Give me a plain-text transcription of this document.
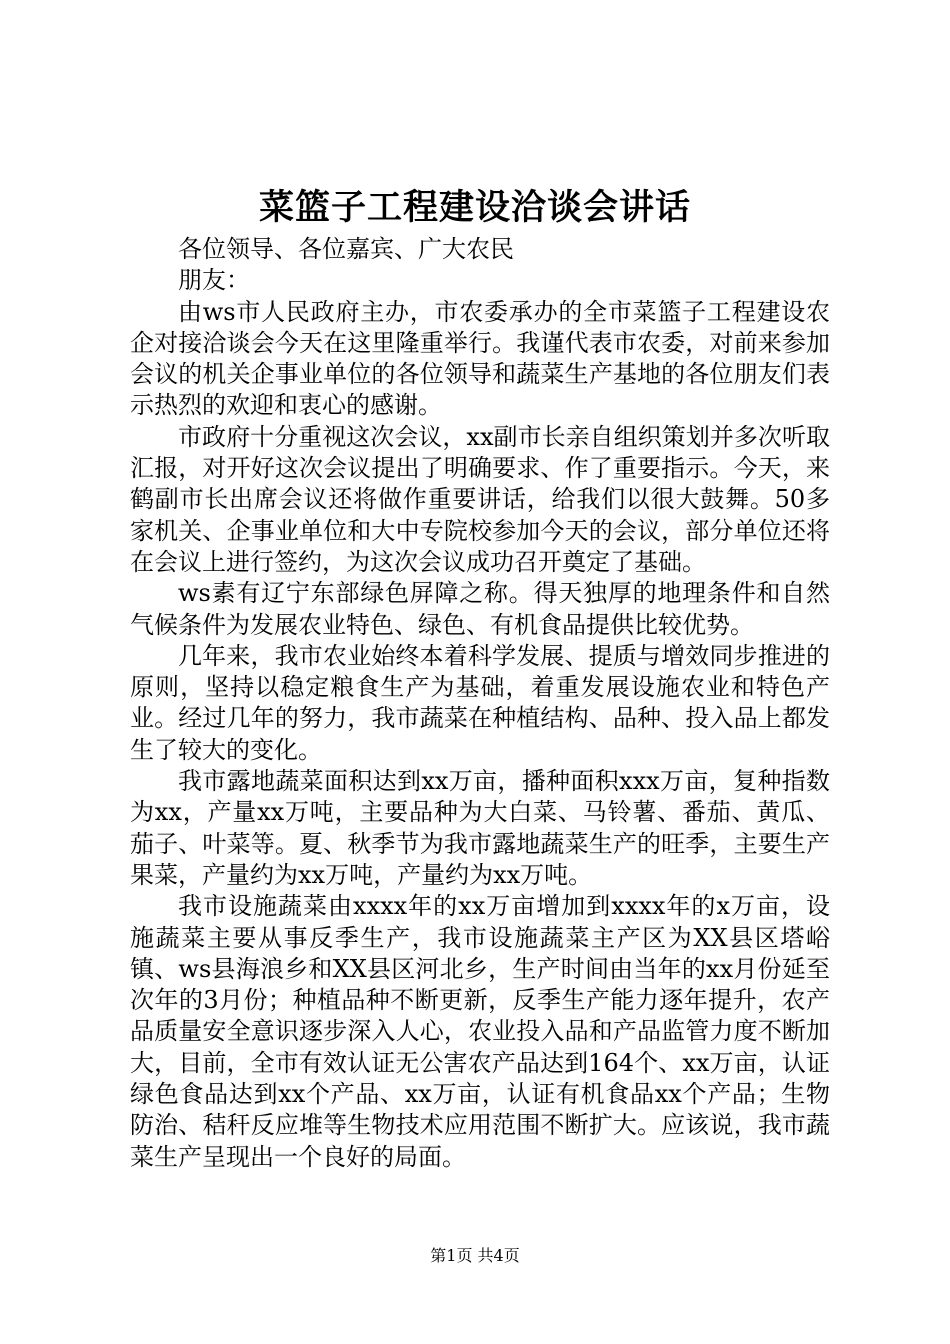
菜篮子工程建设洽谈会讲话

各位领导、各位嘉宾、广大农民

朋友：

由ws市人民政府主办，市农委承办的全市菜篮子工程建设农企对接洽谈会今天在这里隆重举行。我谨代表市农委，对前来参加会议的机关企事业单位的各位领导和蔬菜生产基地的各位朋友们表示热烈的欢迎和衷心的感谢。

市政府十分重视这次会议，xx副市长亲自组织策划并多次听取汇报，对开好这次会议提出了明确要求、作了重要指示。今天，来鹤副市长出席会议还将做作重要讲话，给我们以很大鼓舞。50多家机关、企事业单位和大中专院校参加今天的会议，部分单位还将在会议上进行签约，为这次会议成功召开奠定了基础。

ws素有辽宁东部绿色屏障之称。得天独厚的地理条件和自然气候条件为发展农业特色、绿色、有机食品提供比较优势。

几年来，我市农业始终本着科学发展、提质与增效同步推进的原则，坚持以稳定粮食生产为基础，着重发展设施农业和特色产业。经过几年的努力，我市蔬菜在种植结构、品种、投入品上都发生了较大的变化。

我市露地蔬菜面积达到xx万亩，播种面积xxx万亩，复种指数为xx，产量xx万吨，主要品种为大白菜、马铃薯、番茄、黄瓜、茄子、叶菜等。夏、秋季节为我市露地蔬菜生产的旺季，主要生产果菜，产量约为xx万吨，产量约为xx万吨。

我市设施蔬菜由xxxx年的xx万亩增加到xxxx年的x万亩，设施蔬菜主要从事反季生产，我市设施蔬菜主产区为XX县区塔峪镇、ws县海浪乡和XX县区河北乡，生产时间由当年的xx月份延至次年的3月份；种植品种不断更新，反季生产能力逐年提升，农产品质量安全意识逐步深入人心，农业投入品和产品监管力度不断加大，目前，全市有效认证无公害农产品达到164个、xx万亩，认证绿色食品达到xx个产品、xx万亩，认证有机食品xx个产品；生物防治、秸秆反应堆等生物技术应用范围不断扩大。应该说，我市蔬菜生产呈现出一个良好的局面。

第1页 共4页
